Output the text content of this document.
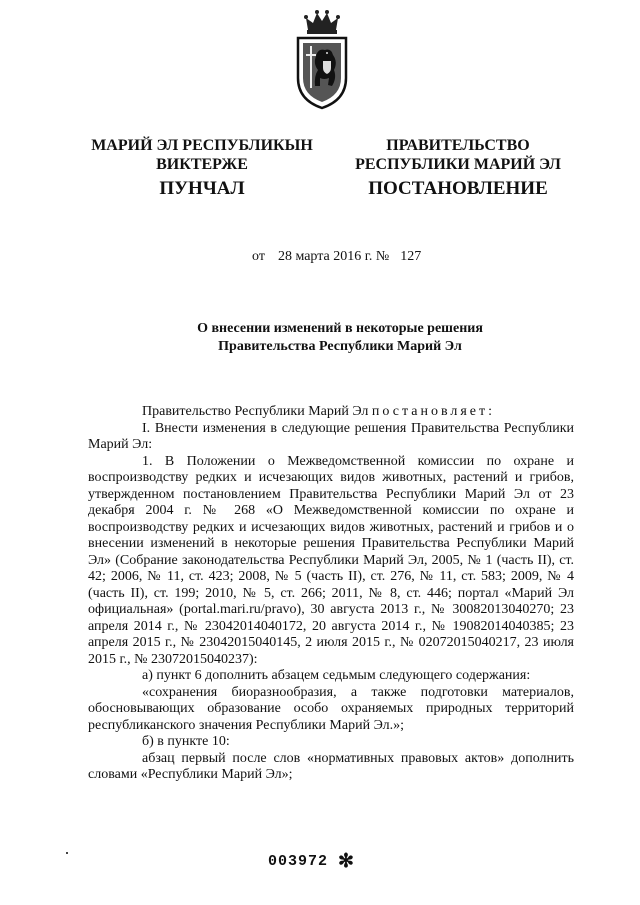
МАРИЙ ЭЛ РЕСПУБЛИКЫН ВИКТЕРЖЕ
ПРАВИТЕЛЬСТВО РЕСПУБЛИКИ МАРИЙ ЭЛ
ПУНЧАЛ	ПОСТАНОВЛЕНИЕ
от 28 марта 2016 г. № 127
О внесении изменений в некоторые решения Правительства Республики Марий Эл

Правительство Республики Марий Эл постановляет:

I. Внести изменения в следующие решения Правительства Республики Марий Эл:

1. В Положении о Межведомственной комиссии по охране и воспроизводству редких и исчезающих видов животных, растений и грибов, утвержденном постановлением Правительства Республики Марий Эл от 23 декабря 2004 г. № 268 «О Межведомственной комиссии по охране и воспроизводству редких и исчезающих видов животных, растений и грибов и о внесении изменений в некоторые решения Правительства Республики Марий Эл» (Собрание законодательства Республики Марий Эл, 2005, № 1 (часть II), ст. 42; 2006, № 11, ст. 423; 2008, № 5 (часть II), ст. 276, № 11, ст. 583; 2009, № 4 (часть II), ст. 199; 2010, № 5, ст. 266; 2011, № 8, ст. 446; портал «Марий Эл официальная» (portal.mari.ru/pravo), 30 августа 2013 г., № 30082013040270; 23 апреля 2014 г., № 23042014040172, 20 августа 2014 г., № 19082014040385; 23 апреля 2015 г., № 23042015040145, 2 июля 2015 г., № 02072015040217, 23 июля 2015 г., № 23072015040237):

а) пункт 6 дополнить абзацем седьмым следующего содержания:

«сохранения биоразнообразия, а также подготовки материалов, обосновывающих образование особо охраняемых природных территорий республиканского значения Республики Марий Эл.»;

б) в пункте 10:

абзац первый после слов «нормативных правовых актов» дополнить словами «Республики Марий Эл»;

003972 ✻
